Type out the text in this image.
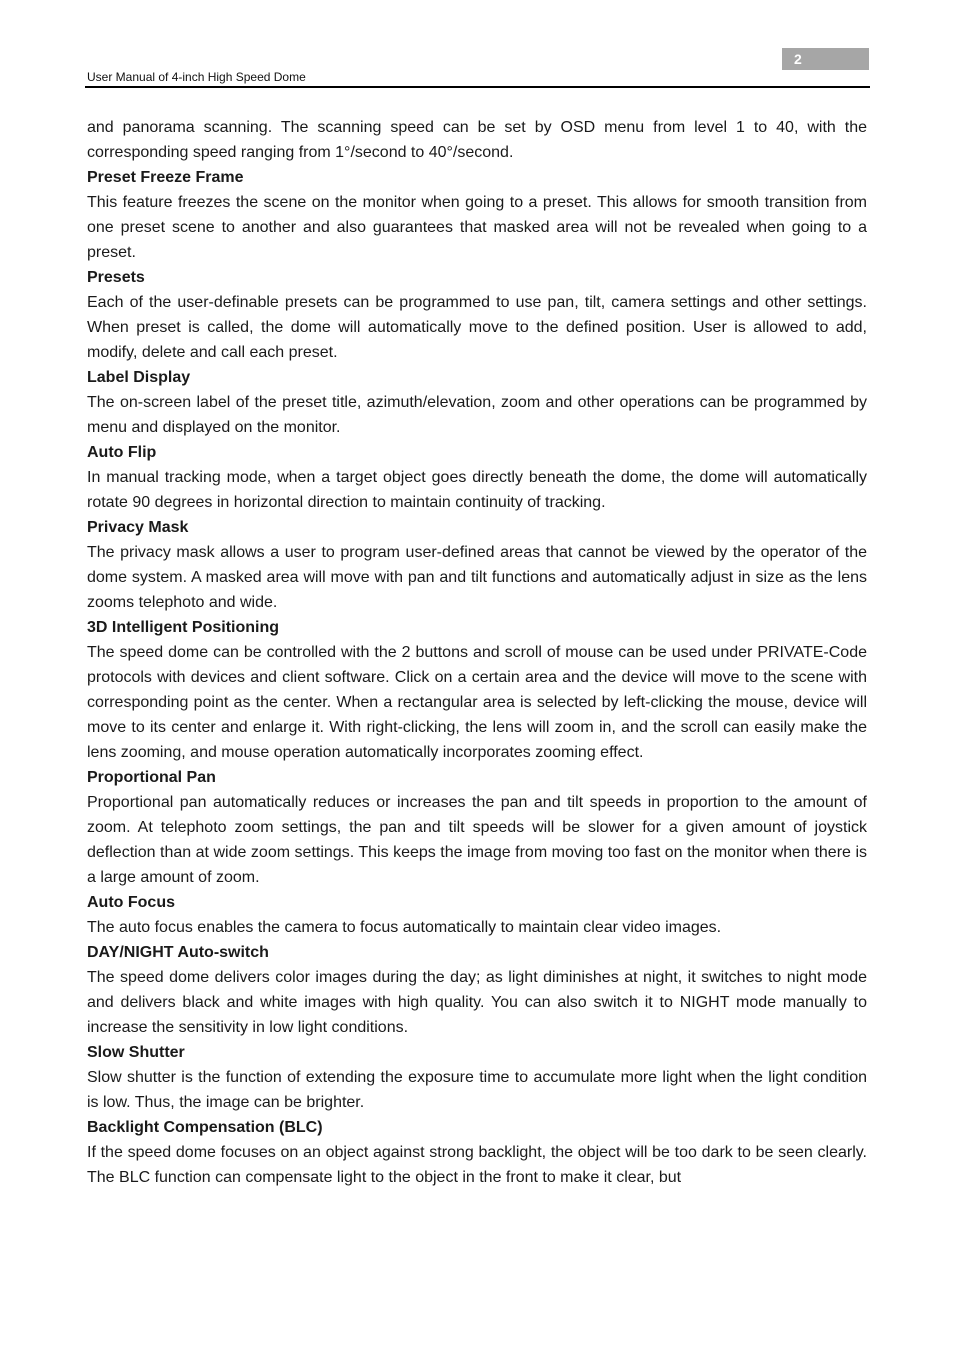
2
User Manual of 4-inch High Speed Dome

and panorama scanning. The scanning speed can be set by OSD menu from level 1 to 40, with the corresponding speed ranging from 1°/second to 40°/second.

Preset Freeze Frame

This feature freezes the scene on the monitor when going to a preset. This allows for smooth transition from one preset scene to another and also guarantees that masked area will not be revealed when going to a preset.

Presets

Each of the user-definable presets can be programmed to use pan, tilt, camera settings and other settings. When preset is called, the dome will automatically move to the defined position. User is allowed to add, modify, delete and call each preset.

Label Display

The on-screen label of the preset title, azimuth/elevation, zoom and other operations can be programmed by menu and displayed on the monitor.

Auto Flip

In manual tracking mode, when a target object goes directly beneath the dome, the dome will automatically rotate 90 degrees in horizontal direction to maintain continuity of tracking.

Privacy Mask

The privacy mask allows a user to program user-defined areas that cannot be viewed by the operator of the dome system. A masked area will move with pan and tilt functions and automatically adjust in size as the lens zooms telephoto and wide.

3D Intelligent Positioning

The speed dome can be controlled with the 2 buttons and scroll of mouse can be used under PRIVATE-Code protocols with devices and client software. Click on a certain area and the device will move to the scene with corresponding point as the center. When a rectangular area is selected by left-clicking the mouse, device will move to its center and enlarge it. With right-clicking, the lens will zoom in, and the scroll can easily make the lens zooming, and mouse operation automatically incorporates zooming effect.

Proportional Pan

Proportional pan automatically reduces or increases the pan and tilt speeds in proportion to the amount of zoom. At telephoto zoom settings, the pan and tilt speeds will be slower for a given amount of joystick deflection than at wide zoom settings. This keeps the image from moving too fast on the monitor when there is a large amount of zoom.

Auto Focus

The auto focus enables the camera to focus automatically to maintain clear video images.

DAY/NIGHT Auto-switch

The speed dome delivers color images during the day; as light diminishes at night, it switches to night mode and delivers black and white images with high quality. You can also switch it to NIGHT mode manually to increase the sensitivity in low light conditions.

Slow Shutter

Slow shutter is the function of extending the exposure time to accumulate more light when the light condition is low. Thus, the image can be brighter.

Backlight Compensation (BLC)

If the speed dome focuses on an object against strong backlight, the object will be too dark to be seen clearly. The BLC function can compensate light to the object in the front to make it clear, but
